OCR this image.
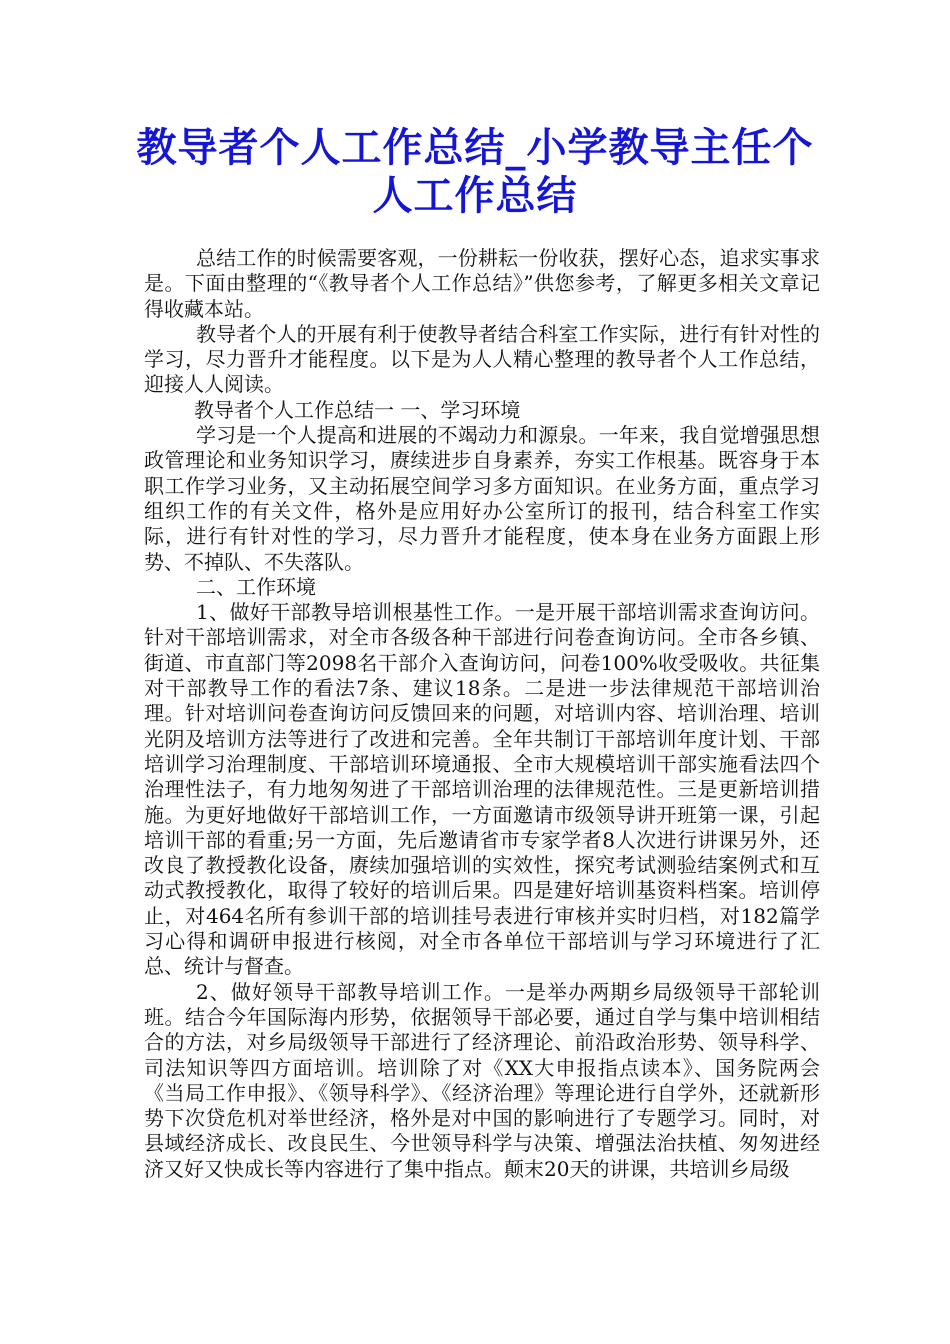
教导者个人工作总结_小学教导主任个人工作总结

总结工作的时候需要客观，一份耕耘一份收获，摆好心态，追求实事求是。下面由整理的“《教导者个人工作总结》”供您参考，了解更多相关文章记得收藏本站。

教导者个人的开展有利于使教导者结合科室工作实际，进行有针对性的学习，尽力晋升才能程度。以下是为人人精心整理的教导者个人工作总结，迎接人人阅读。

教导者个人工作总结一 一、学习环境

学习是一个人提高和进展的不竭动力和源泉。一年来，我自觉增强思想政管理论和业务知识学习，赓续进步自身素养，夯实工作根基。既容身于本职工作学习业务，又主动拓展空间学习多方面知识。在业务方面，重点学习组织工作的有关文件，格外是应用好办公室所订的报刊，结合科室工作实际，进行有针对性的学习，尽力晋升才能程度，使本身在业务方面跟上形势、不掉队、不失落队。

二、工作环境

1、做好干部教导培训根基性工作。一是开展干部培训需求查询访问。针对干部培训需求，对全市各级各种干部进行问卷查询访问。全市各乡镇、街道、市直部门等2098名干部介入查询访问，问卷100%收受吸收。共征集对干部教导工作的看法7条、建议18条。二是进一步法律规范干部培训治理。针对培训问卷查询访问反馈回来的问题，对培训内容、培训治理、培训光阴及培训方法等进行了改进和完善。全年共制订干部培训年度计划、干部培训学习治理制度、干部培训环境通报、全市大规模培训干部实施看法四个治理性法子，有力地匆匆进了干部培训治理的法律规范性。三是更新培训措施。为更好地做好干部培训工作，一方面邀请市级领导讲开班第一课，引起培训干部的看重;另一方面，先后邀请省市专家学者8人次进行讲课另外，还改良了教授教化设备，赓续加强培训的实效性，探究考试测验结案例式和互动式教授教化，取得了较好的培训后果。四是建好培训基资料档案。培训停止，对464名所有参训干部的培训挂号表进行审核并实时归档，对182篇学习心得和调研申报进行核阅，对全市各单位干部培训与学习环境进行了汇总、统计与督查。

2、做好领导干部教导培训工作。一是举办两期乡局级领导干部轮训班。结合今年国际海内形势，依据领导干部必要，通过自学与集中培训相结合的方法，对乡局级领导干部进行了经济理论、前沿政治形势、领导科学、司法知识等四方面培训。培训除了对《XX大申报指点读本》、国务院两会《当局工作申报》、《领导科学》、《经济治理》等理论进行自学外，还就新形势下次贷危机对举世经济，格外是对中国的影响进行了专题学习。同时，对县域经济成长、改良民生、今世领导科学与决策、增强法治扶植、匆匆进经济又好又快成长等内容进行了集中指点。颠末20天的讲课，共培训乡局级
